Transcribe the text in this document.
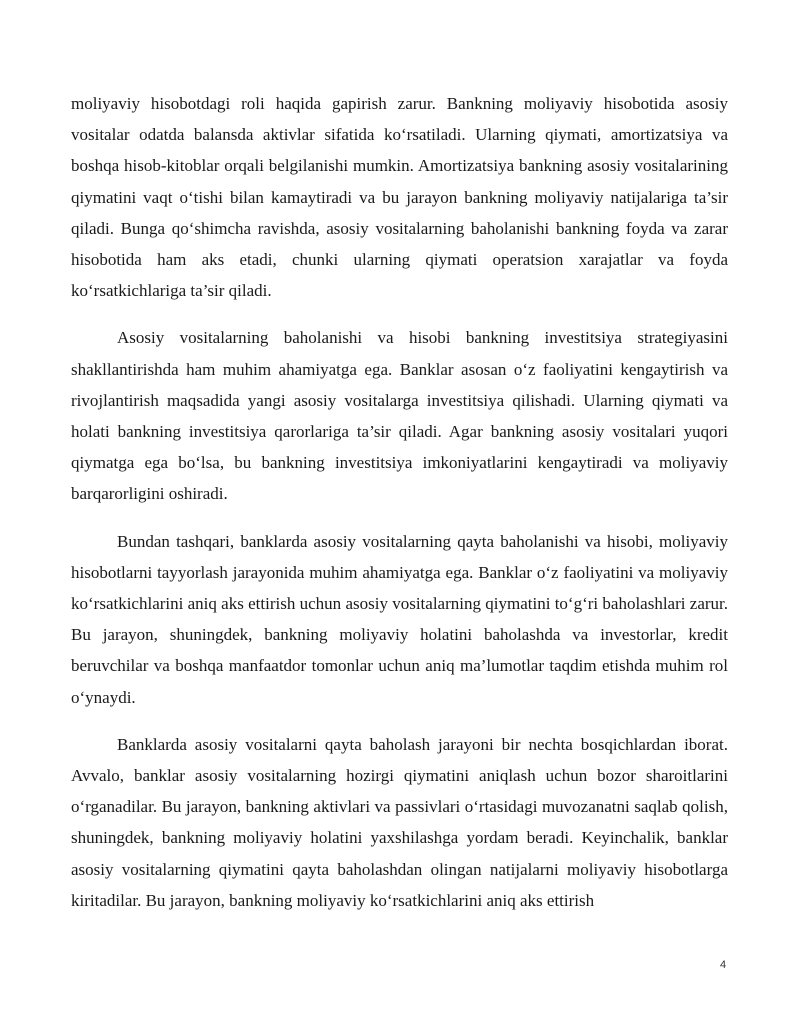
moliyaviy hisobotdagi roli haqida gapirish zarur. Bankning moliyaviy hisobotida asosiy vositalar odatda balansda aktivlar sifatida ko‘rsatiladi. Ularning qiymati, amortizatsiya va boshqa hisob-kitoblar orqali belgilanishi mumkin. Amortizatsiya bankning asosiy vositalarining qiymatini vaqt o‘tishi bilan kamaytiradi va bu jarayon bankning moliyaviy natijalariga ta’sir qiladi. Bunga qo‘shimcha ravishda, asosiy vositalarning baholanishi bankning foyda va zarar hisobotida ham aks etadi, chunki ularning qiymati operatsion xarajatlar va foyda ko‘rsatkichlariga ta’sir qiladi.

Asosiy vositalarning baholanishi va hisobi bankning investitsiya strategiyasini shakllantirishda ham muhim ahamiyatga ega. Banklar asosan o‘z faoliyatini kengaytirish va rivojlantirish maqsadida yangi asosiy vositalarga investitsiya qilishadi. Ularning qiymati va holati bankning investitsiya qarorlariga ta’sir qiladi. Agar bankning asosiy vositalari yuqori qiymatga ega bo‘lsa, bu bankning investitsiya imkoniyatlarini kengaytiradi va moliyaviy barqarorligini oshiradi.

Bundan tashqari, banklarda asosiy vositalarning qayta baholanishi va hisobi, moliyaviy hisobotlarni tayyorlash jarayonida muhim ahamiyatga ega. Banklar o‘z faoliyatini va moliyaviy ko‘rsatkichlarini aniq aks ettirish uchun asosiy vositalarning qiymatini to‘g‘ri baholashlari zarur. Bu jarayon, shuningdek, bankning moliyaviy holatini baholashda va investorlar, kredit beruvchilar va boshqa manfaatdor tomonlar uchun aniq ma’lumotlar taqdim etishda muhim rol o‘ynaydi.

Banklarda asosiy vositalarni qayta baholash jarayoni bir nechta bosqichlardan iborat. Avvalo, banklar asosiy vositalarning hozirgi qiymatini aniqlash uchun bozor sharoitlarini o‘rganadilar. Bu jarayon, bankning aktivlari va passivlari o‘rtasidagi muvozanatni saqlab qolish, shuningdek, bankning moliyaviy holatini yaxshilashga yordam beradi. Keyinchalik, banklar asosiy vositalarning qiymatini qayta baholashdan olingan natijalarni moliyaviy hisobotlarga kiritadilar. Bu jarayon, bankning moliyaviy ko‘rsatkichlarini aniq aks ettirish

4
